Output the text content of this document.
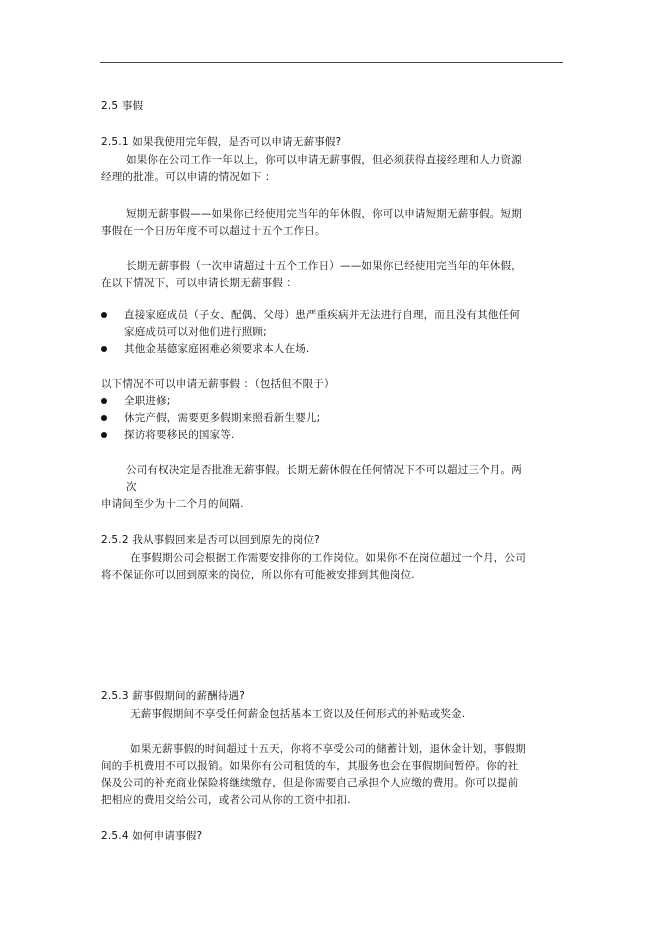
2.5 事假
2.5.1 如果我使用完年假，是否可以申请无薪事假?
如果你在公司工作一年以上，你可以申请无薪事假，但必须获得直接经理和人力资源
经理的批准。可以申请的情况如下 ：
短期无薪事假——如果你已经使用完当年的年休假，你可以申请短期无薪事假。短期
事假在一个日历年度不可以超过十五个工作日。
长期无薪事假（一次申请超过十五个工作日）——如果你已经使用完当年的年休假，
在以下情况下，可以申请长期无薪事假 ：
直接家庭成员（子女、配偶、父母）患严重疾病并无法进行自理，而且没有其他任何
家庭成员可以对他们进行照顾;
其他金基德家庭困难必须要求本人在场.
以下情况不可以申请无薪事假 ：（包括但不限于）
全职进修;
休完产假，需要更多假期来照看新生婴儿;
探访将要移民的国家等.
公司有权决定是否批准无薪事假。长期无薪休假在任何情况下不可以超过三个月。两
次
申请间至少为十二个月的间隔.
2.5.2 我从事假回来是否可以回到原先的岗位?
在事假期公司会根据工作需要安排你的工作岗位。如果你不在岗位超过一个月，公司
将不保证你可以回到原来的岗位，所以你有可能被安排到其他岗位.
2.5.3 薪事假期间的薪酬待遇?
无薪事假期间不享受任何薪金包括基本工资以及任何形式的补贴或奖金.
如果无薪事假的时间超过十五天，你将不享受公司的储蓄计划，退休金计划，事假期
间的手机费用不可以报销。如果你有公司租赁的车，其服务也会在事假期间暂停。你的社
保及公司的补充商业保险将继续缴存，但是你需要自己承担个人应缴的费用。你可以提前
把相应的费用交给公司，或者公司从你的工资中扣扣.
2.5.4 如何申请事假?
